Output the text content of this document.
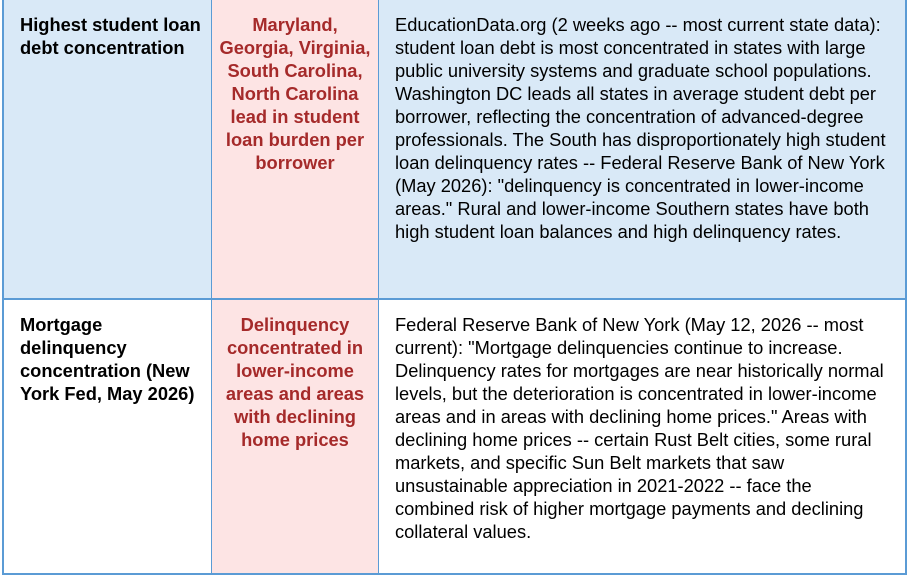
Highest student loan debt concentration
Maryland, Georgia, Virginia, South Carolina, North Carolina lead in student loan burden per borrower
EducationData.org (2 weeks ago -- most current state data): student loan debt is most concentrated in states with large public university systems and graduate school populations. Washington DC leads all states in average student debt per borrower, reflecting the concentration of advanced-degree professionals. The South has disproportionately high student loan delinquency rates -- Federal Reserve Bank of New York (May 2026): "delinquency is concentrated in lower-income areas." Rural and lower-income Southern states have both high student loan balances and high delinquency rates.
Mortgage delinquency concentration (New York Fed, May 2026)
Delinquency concentrated in lower-income areas and areas with declining home prices
Federal Reserve Bank of New York (May 12, 2026 -- most current): "Mortgage delinquencies continue to increase. Delinquency rates for mortgages are near historically normal levels, but the deterioration is concentrated in lower-income areas and in areas with declining home prices." Areas with declining home prices -- certain Rust Belt cities, some rural markets, and specific Sun Belt markets that saw unsustainable appreciation in 2021-2022 -- face the combined risk of higher mortgage payments and declining collateral values.
